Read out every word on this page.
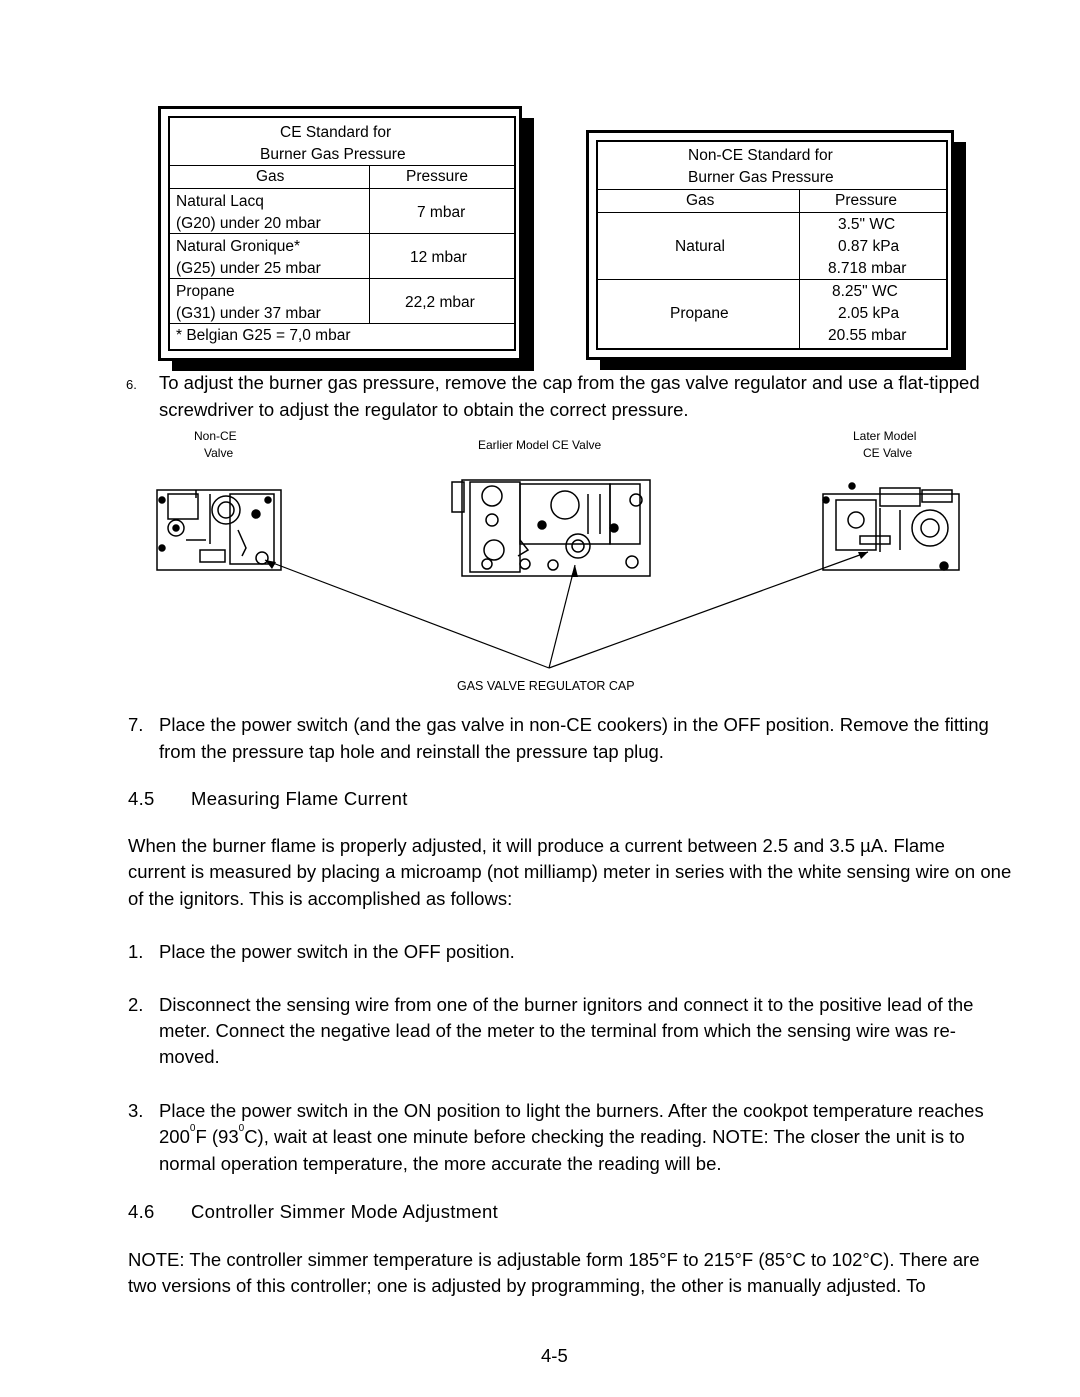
CE Standard for
Burner Gas Pressure
Gas	Pressure
Natural Lacq
(G20) under 20 mbar
7 mbar
Natural Gronique*
(G25) under 25 mbar
12 mbar
Propane
(G31) under 37 mbar
22,2 mbar
* Belgian G25 = 7,0 mbar
Non-CE Standard for
Burner Gas Pressure
Gas	Pressure
Natural
3.5" WC
0.87 kPa
8.718 mbar
Propane
8.25" WC
2.05 kPa
20.55 mbar
6. To adjust the burner gas pressure, remove the cap from the gas valve regulator and use a flat-tipped
screwdriver to adjust the regulator to obtain the correct pressure.
Non-CE
Valve
Earlier Model CE Valve
Later Model
CE Valve
GAS VALVE REGULATOR CAP
7. Place the power switch (and the gas valve in non-CE cookers) in the OFF position. Remove the fitting
from the pressure tap hole and reinstall the pressure tap plug.
4.5 Measuring Flame Current
When the burner flame is properly adjusted, it will produce a current between 2.5 and 3.5 µA. Flame
current is measured by placing a microamp (not milliamp) meter in series with the white sensing wire on one
of the ignitors. This is accomplished as follows:
1. Place the power switch in the OFF position.
2. Disconnect the sensing wire from one of the burner ignitors and connect it to the positive lead of the
meter. Connect the negative lead of the meter to the terminal from which the sensing wire was re-
moved.
3. Place the power switch in the ON position to light the burners. After the cookpot temperature reaches
$200^0F$ $(93^0C)$, wait at least one minute before checking the reading. NOTE: The closer the unit is to
normal operation temperature, the more accurate the reading will be.
4.6 Controller Simmer Mode Adjustment
NOTE: The controller simmer temperature is adjustable form 185°F to 215°F (85°C to 102°C). There are
two versions of this controller; one is adjusted by programming, the other is manually adjusted. To
4-5
